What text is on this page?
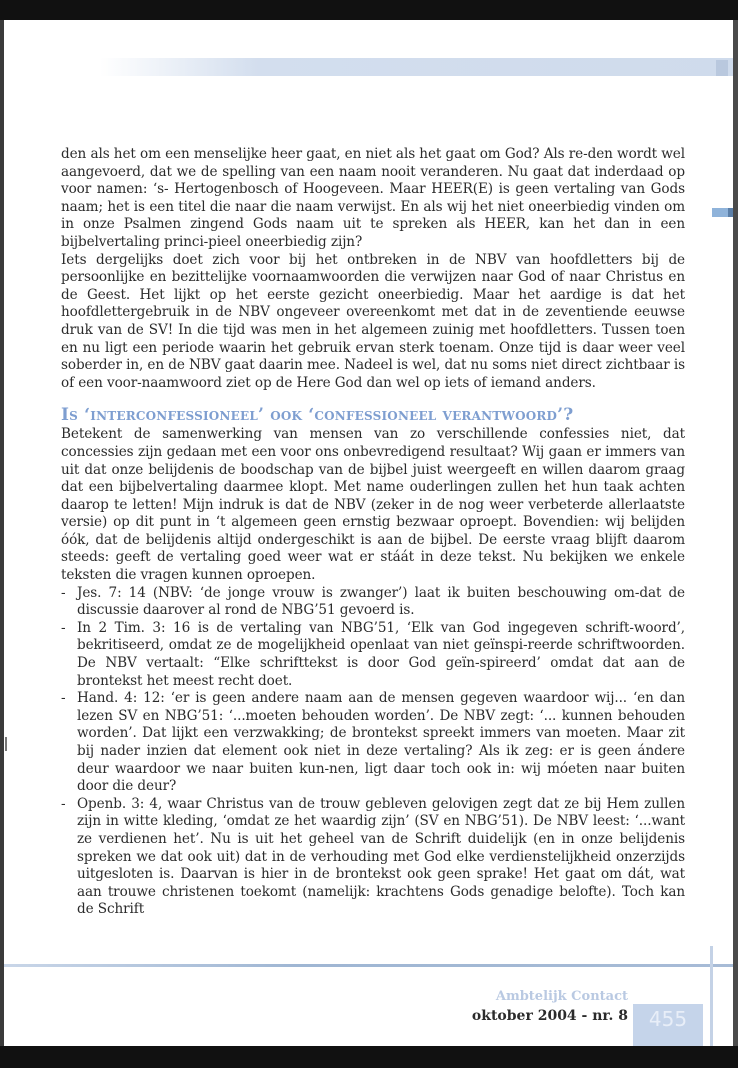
den als het om een menselijke heer gaat, en niet als het gaat om God? Als re-den wordt wel aangevoerd, dat we de spelling van een naam nooit veranderen. Nu gaat dat inderdaad op voor namen: ‘s- Hertogenbosch of Hoogeveen. Maar HEER(E) is geen vertaling van Gods naam; het is een titel die naar die naam verwijst. En als wij het niet oneerbiedig vinden om in onze Psalmen zingend Gods naam uit te spreken als HEER, kan het dan in een bijbelvertaling princi-pieel oneerbiedig zijn?

Iets dergelijks doet zich voor bij het ontbreken in de NBV van hoofdletters bij de persoonlijke en bezittelijke voornaamwoorden die verwijzen naar God of naar Christus en de Geest. Het lijkt op het eerste gezicht oneerbiedig. Maar het aardige is dat het hoofdlettergebruik in de NBV ongeveer overeenkomt met dat in de zeventiende eeuwse druk van de SV! In die tijd was men in het algemeen zuinig met hoofdletters. Tussen toen en nu ligt een periode waarin het gebruik ervan sterk toenam. Onze tijd is daar weer veel soberder in, en de NBV gaat daarin mee. Nadeel is wel, dat nu soms niet direct zichtbaar is of een voor-naamwoord ziet op de Here God dan wel op iets of iemand anders.

Is ‘interconfessioneel’ ook ‘confessioneel verantwoord’?

Betekent de samenwerking van mensen van zo verschillende confessies niet, dat concessies zijn gedaan met een voor ons onbevredigend resultaat? Wij gaan er immers van uit dat onze belijdenis de boodschap van de bijbel juist weergeeft en willen daarom graag dat een bijbelvertaling daarmee klopt. Met name ouderlingen zullen het hun taak achten daarop te letten! Mijn indruk is dat de NBV (zeker in de nog weer verbeterde allerlaatste versie) op dit punt in ‘t algemeen geen ernstig bezwaar oproept. Bovendien: wij belijden óók, dat de belijdenis altijd ondergeschikt is aan de bijbel. De eerste vraag blijft daarom steeds: geeft de vertaling goed weer wat er stáát in deze tekst. Nu bekijken we enkele teksten die vragen kunnen oproepen.

- Jes. 7: 14 (NBV: ‘de jonge vrouw is zwanger’) laat ik buiten beschouwing om-dat de discussie daarover al rond de NBG’51 gevoerd is.
- In 2 Tim. 3: 16 is de vertaling van NBG’51, ‘Elk van God ingegeven schrift-woord’, bekritiseerd, omdat ze de mogelijkheid openlaat van niet geïnspi-reerde schriftwoorden. De NBV vertaalt: “Elke schrifttekst is door God geïn-spireerd’ omdat dat aan de brontekst het meest recht doet.
- Hand. 4: 12: ‘er is geen andere naam aan de mensen gegeven waardoor wij... ‘en dan lezen SV en NBG’51: ‘...moeten behouden worden’. De NBV zegt: ‘... kunnen behouden worden’. Dat lijkt een verzwakking; de brontekst spreekt immers van moeten. Maar zit bij nader inzien dat element ook niet in deze vertaling? Als ik zeg: er is geen ándere deur waardoor we naar buiten kun-nen, ligt daar toch ook in: wij móeten naar buiten door die deur?
- Openb. 3: 4, waar Christus van de trouw gebleven gelovigen zegt dat ze bij Hem zullen zijn in witte kleding, ‘omdat ze het waardig zijn’ (SV en NBG’51). De NBV leest: ‘...want ze verdienen het’. Nu is uit het geheel van de Schrift duidelijk (en in onze belijdenis spreken we dat ook uit) dat in de verhouding met God elke verdienstelijkheid onzerzijds uitgesloten is. Daarvan is hier in de brontekst ook geen sprake! Het gaat om dát, wat aan trouwe christenen toekomt (namelijk: krachtens Gods genadige belofte). Toch kan de Schrift
Ambtelijk Contact
oktober 2004 - nr. 8	455
